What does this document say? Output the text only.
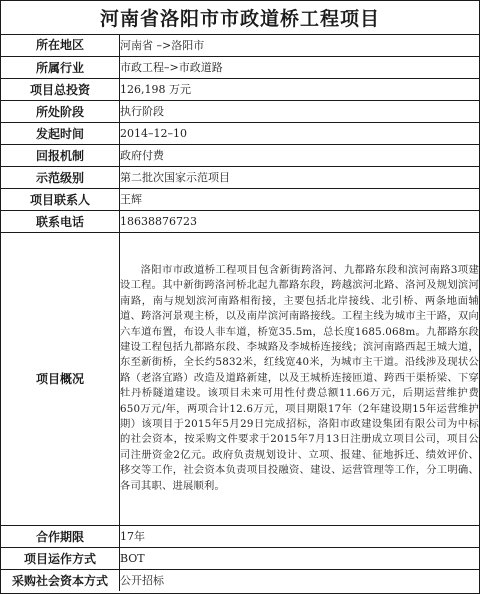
河南省洛阳市市政道桥工程项目
所在地区	河南省 –>洛阳市
所属行业	市政工程–>市政道路
项目总投资	126,198 万元
所处阶段	执行阶段
发起时间	2014–12–10
回报机制	政府付费
示范级别	第二批次国家示范项目
项目联系人	王辉
联系电话	18638876723
项目概况	洛阳市市政道桥工程项目包含新街跨洛河、九都路东段和滨河南路3项建设工程。其中新街跨洛河桥北起九都路东段，跨越滨河北路、洛河及规划滨河南路，南与规划滨河南路相衔接，主要包括北岸接线、北引桥、两条地面辅道、跨洛河景观主桥，以及南岸滨河南路接线。工程主线为城市主干路，双向六车道布置，布设人非车道，桥宽35.5m，总长度1685.068m。九都路东段建设工程包括九都路东段、李城路及李城桥连接线；滨河南路西起王城大道，东至新街桥，全长约5832米，红线宽40米，为城市主干道。沿线涉及现状公路（老洛宜路）改造及道路新建，以及王城桥连接匝道、跨西干渠桥梁、下穿牡丹桥隧道建设。该项目未来可用性付费总额11.66万元，后期运营维护费650万元/年，两项合计12.6万元，项目期限17年（2年建设期15年运营维护期）该项目于2015年5月29日完成招标，洛阳市政建设集团有限公司为中标的社会资本，按采购文件要求于2015年7月13日注册成立项目公司，项目公司注册资金2亿元。政府负责规划设计、立项、报建、征地拆迁、绩效评价、移交等工作，社会资本负责项目投融资、建设、运营管理等工作，分工明确、各司其职、进展顺利。

合作期限	17年
项目运作方式	BOT
采购社会资本方式	公开招标
